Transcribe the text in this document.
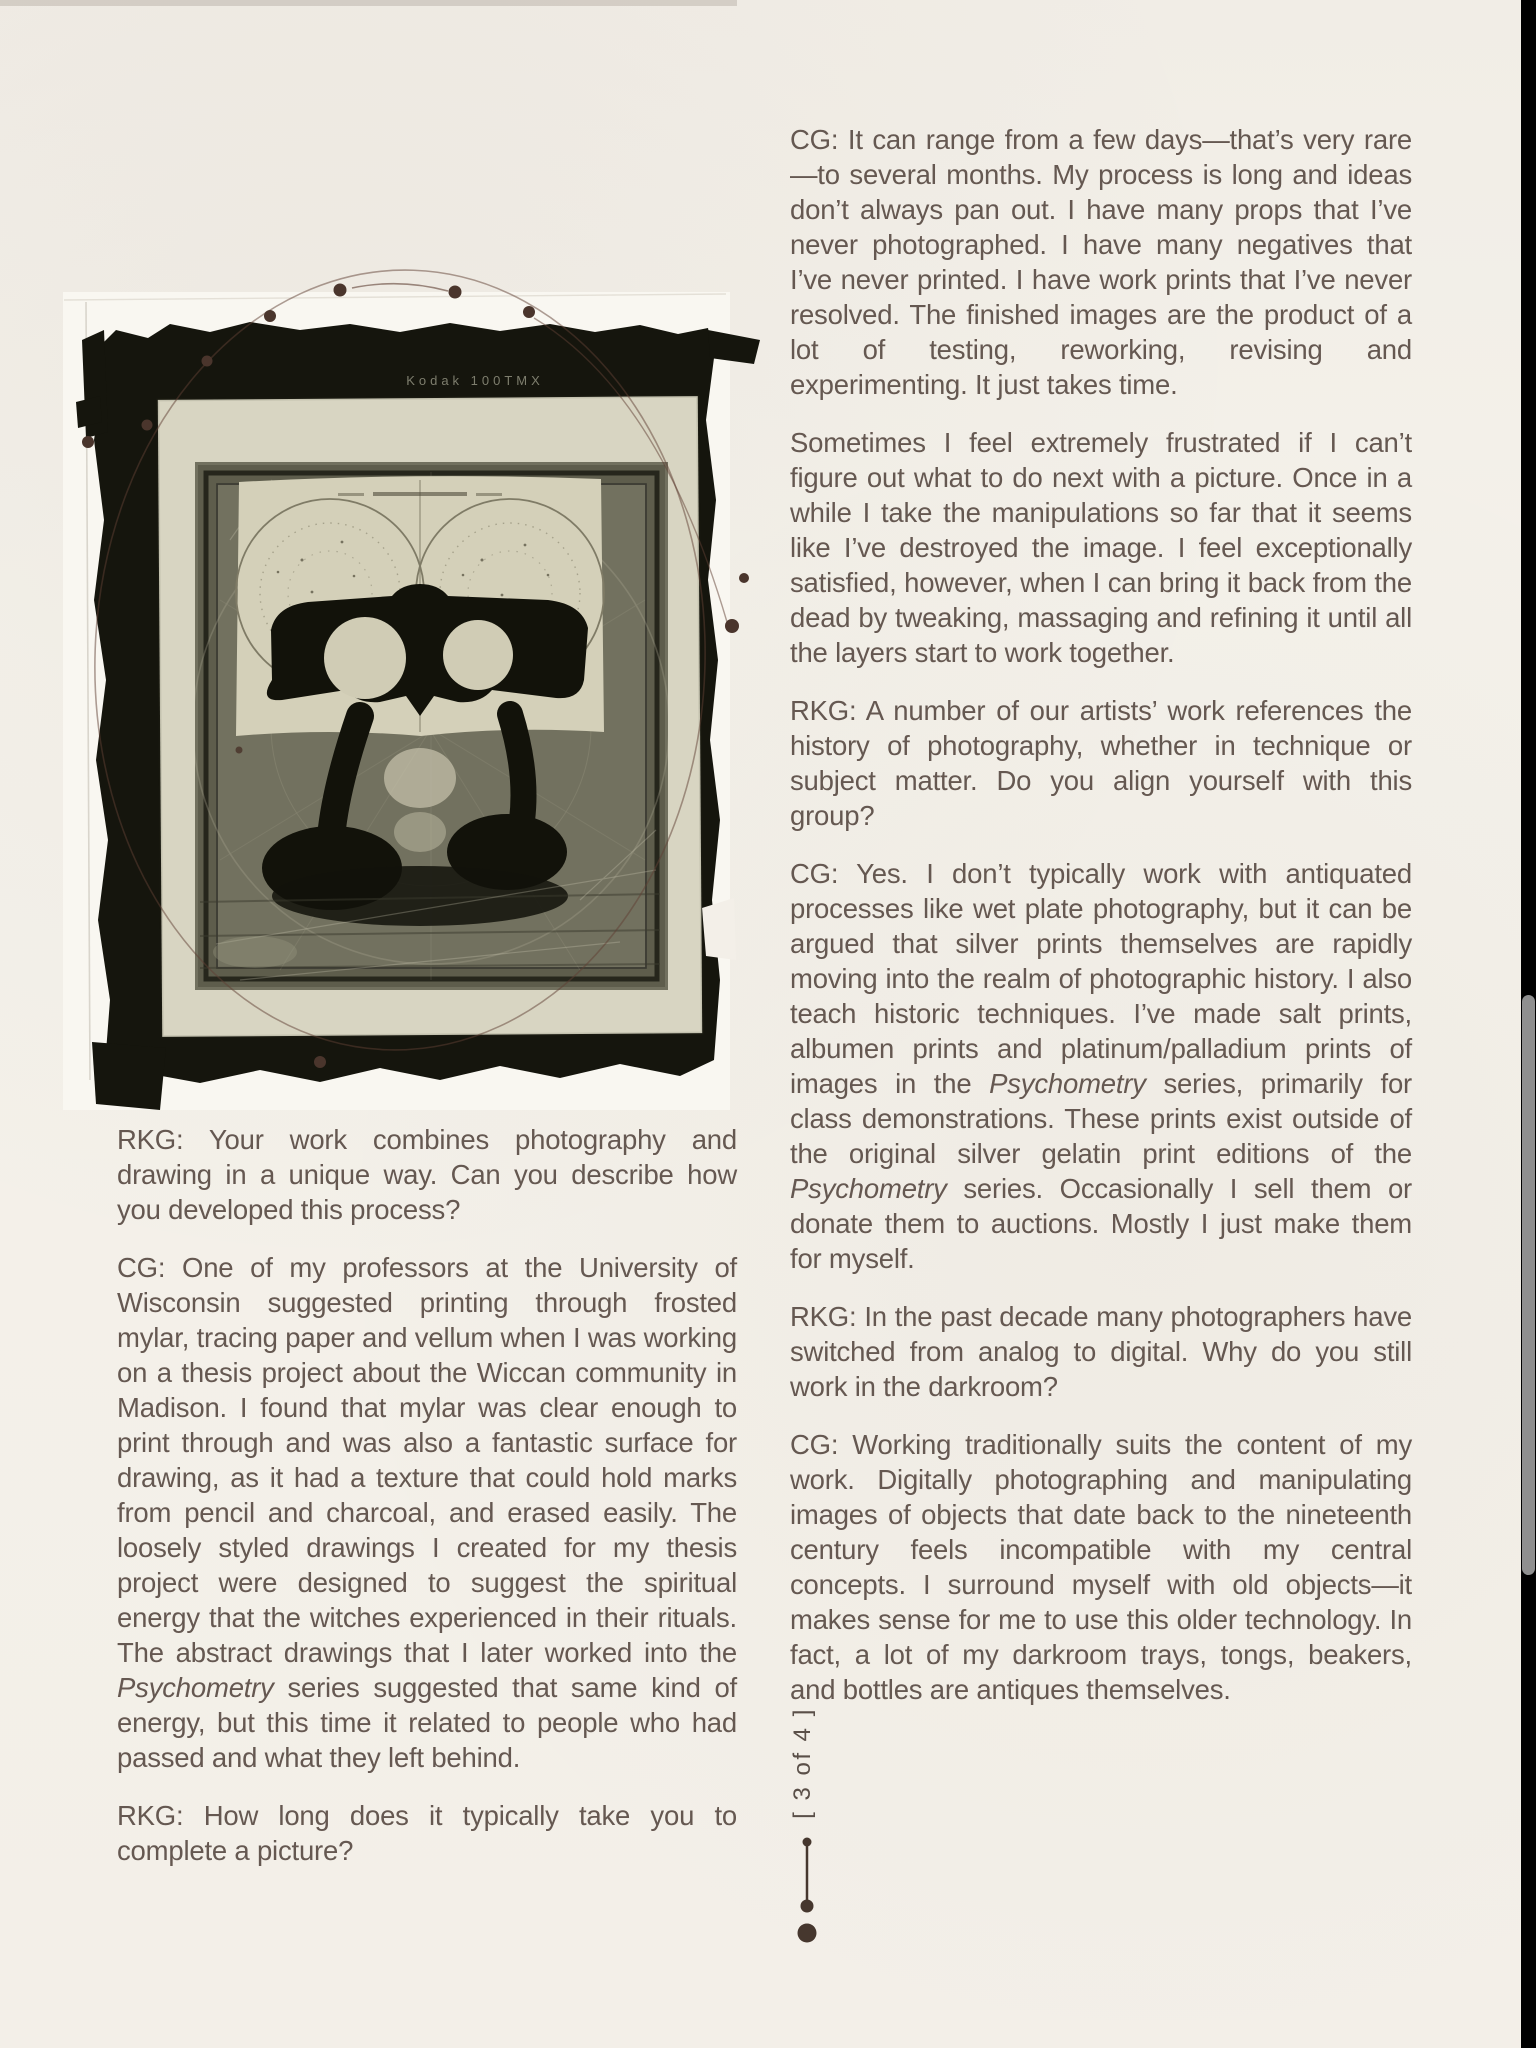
Kodak 100TMX

RKG: Your work combines photography and drawing in a unique way. Can you describe how you developed this process?

CG: One of my professors at the University of Wisconsin suggested printing through frosted mylar, tracing paper and vellum when I was working on a thesis project about the Wiccan community in Madison. I found that mylar was clear enough to print through and was also a fantastic surface for drawing, as it had a texture that could hold marks from pencil and charcoal, and erased easily. The loosely styled drawings I created for my thesis project were designed to suggest the spiritual energy that the witches experienced in their rituals. The abstract drawings that I later worked into the Psychometry series suggested that same kind of energy, but this time it related to people who had passed and what they left behind.

RKG: How long does it typically take you to complete a picture?

CG: It can range from a few days—that’s very rare—to several months. My process is long and ideas don’t always pan out. I have many props that I’ve never photographed. I have many negatives that I’ve never printed. I have work prints that I’ve never resolved. The finished images are the product of a lot of testing, reworking, revising and experimenting. It just takes time.

Sometimes I feel extremely frustrated if I can’t figure out what to do next with a picture. Once in a while I take the manipulations so far that it seems like I’ve destroyed the image. I feel exceptionally satisfied, however, when I can bring it back from the dead by tweaking, massaging and refining it until all the layers start to work together.

RKG: A number of our artists’ work references the history of photography, whether in technique or subject matter. Do you align yourself with this group?

CG: Yes. I don’t typically work with antiquated processes like wet plate photography, but it can be argued that silver prints themselves are rapidly moving into the realm of photographic history. I also teach historic techniques. I’ve made salt prints, albumen prints and platinum/palladium prints of images in the Psychometry series, primarily for class demonstrations. These prints exist outside of the original silver gelatin print editions of the Psychometry series. Occasionally I sell them or donate them to auctions. Mostly I just make them for myself.

RKG: In the past decade many photographers have switched from analog to digital. Why do you still work in the darkroom?

CG: Working traditionally suits the content of my work. Digitally photographing and manipulating images of objects that date back to the nineteenth century feels incompatible with my central concepts. I surround myself with old objects—it makes sense for me to use this older technology. In fact, a lot of my darkroom trays, tongs, beakers, and bottles are antiques themselves.

[ 3 of 4 ]
